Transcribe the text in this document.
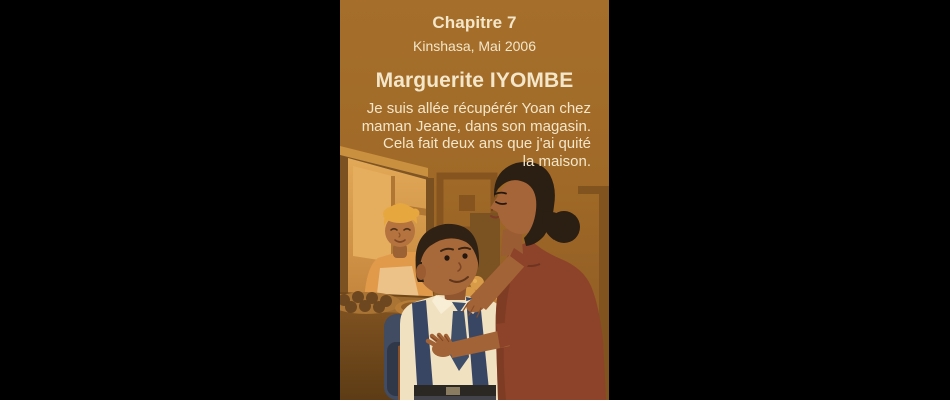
Chapitre 7
Kinshasa, Mai 2006
Marguerite IYOMBE
Je suis allée récupérér Yoan chez
maman Jeane, dans son magasin.
Cela fait deux ans que j'ai quité
la maison.
